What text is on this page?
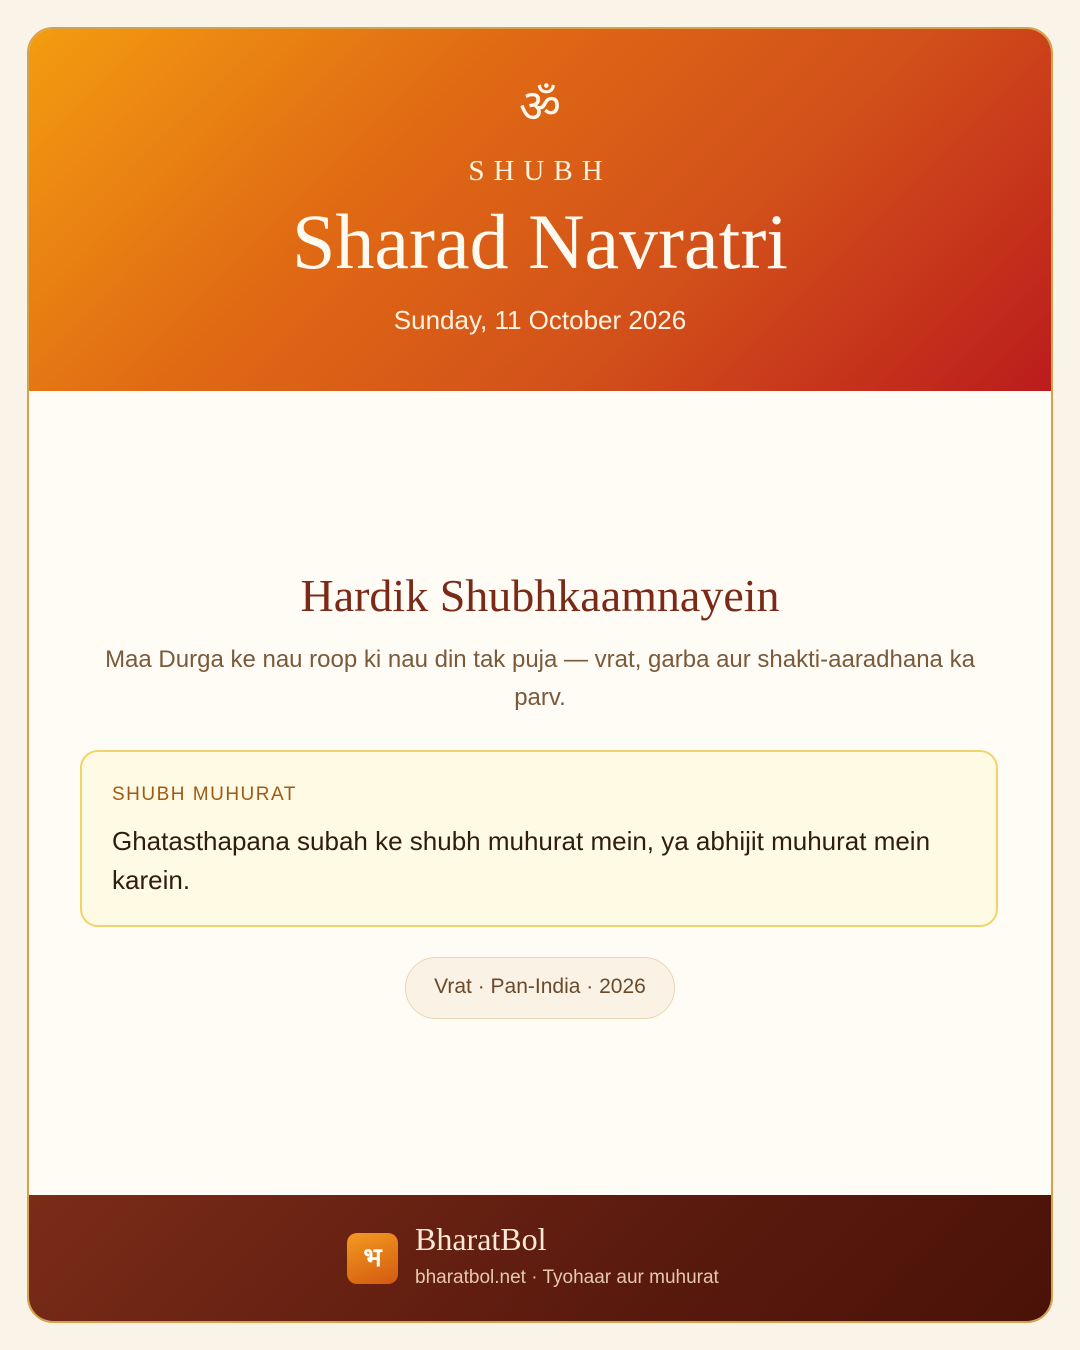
ॐ
SHUBH
Sharad Navratri
Sunday, 11 October 2026
Hardik Shubhkaamnayein
Maa Durga ke nau roop ki nau din tak puja — vrat, garba aur shakti-aaradhana ka parv.
SHUBH MUHURAT
Ghatasthapana subah ke shubh muhurat mein, ya abhijit muhurat mein karein.
Vrat · Pan-India · 2026
भ
BharatBol
bharatbol.net · Tyohaar aur muhurat
